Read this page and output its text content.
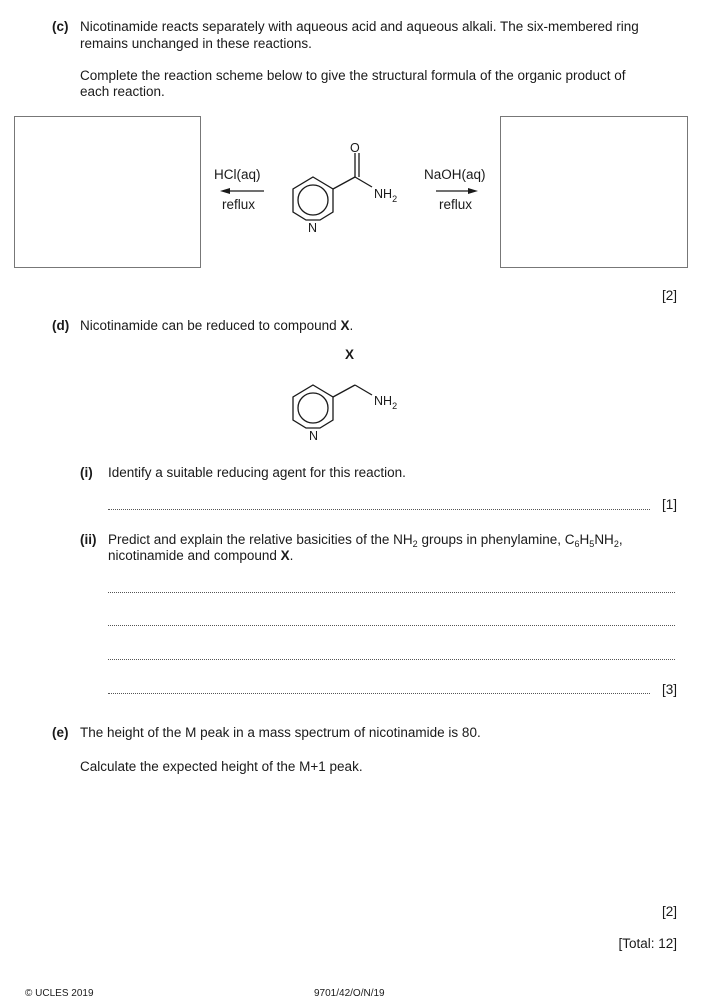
(c) Nicotinamide reacts separately with aqueous acid and aqueous alkali. The six-membered ring
remains unchanged in these reactions.
Complete the reaction scheme below to give the structural formula of the organic product of
each reaction.
HCl(aq)
reflux
NaOH(aq)
reflux
O
$NH_2$
N
$NH_2$
N
[2]
(d) Nicotinamide can be reduced to compound X.
X
(i) Identify a suitable reducing agent for this reaction.
[1]
(ii) Predict and explain the relative basicities of the $NH_2$ groups in phenylamine, $C_6H_5NH_2$,
nicotinamide and compound X.
[3]
(e) The height of the M peak in a mass spectrum of nicotinamide is 80.
Calculate the expected height of the M+1 peak.
[2]
[Total: 12]
© UCLES 2019	9701/42/O/N/19
